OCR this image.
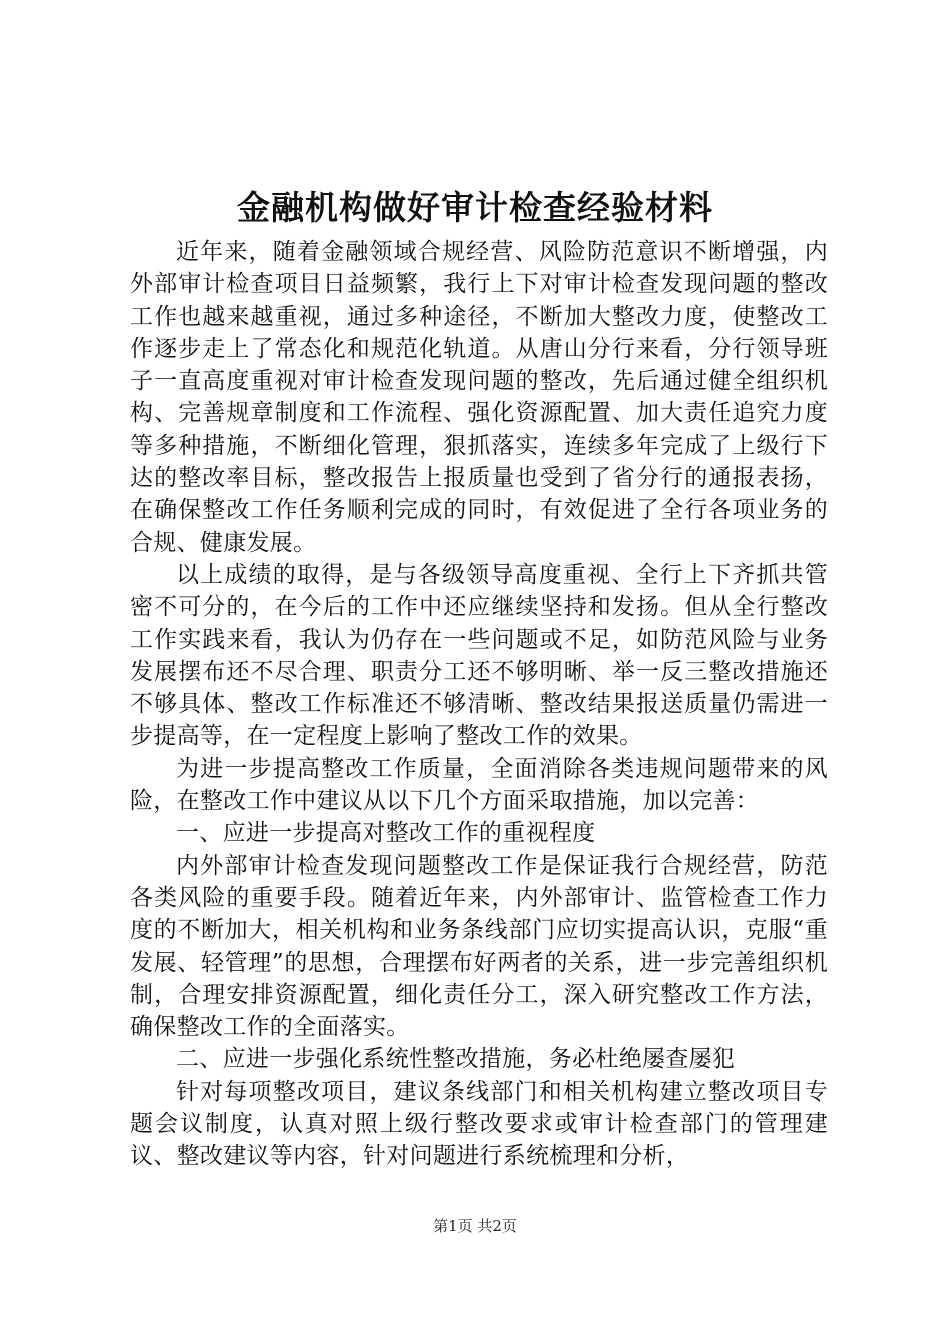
金融机构做好审计检查经验材料

近年来，随着金融领域合规经营、风险防范意识不断增强，内外部审计检查项目日益频繁，我行上下对审计检查发现问题的整改工作也越来越重视，通过多种途径，不断加大整改力度，使整改工作逐步走上了常态化和规范化轨道。从唐山分行来看，分行领导班子一直高度重视对审计检查发现问题的整改，先后通过健全组织机构、完善规章制度和工作流程、强化资源配置、加大责任追究力度等多种措施，不断细化管理，狠抓落实，连续多年完成了上级行下达的整改率目标，整改报告上报质量也受到了省分行的通报表扬，在确保整改工作任务顺利完成的同时，有效促进了全行各项业务的合规、健康发展。

以上成绩的取得，是与各级领导高度重视、全行上下齐抓共管密不可分的，在今后的工作中还应继续坚持和发扬。但从全行整改工作实践来看，我认为仍存在一些问题或不足，如防范风险与业务发展摆布还不尽合理、职责分工还不够明晰、举一反三整改措施还不够具体、整改工作标准还不够清晰、整改结果报送质量仍需进一步提高等，在一定程度上影响了整改工作的效果。

为进一步提高整改工作质量，全面消除各类违规问题带来的风险，在整改工作中建议从以下几个方面采取措施，加以完善：

一、应进一步提高对整改工作的重视程度

内外部审计检查发现问题整改工作是保证我行合规经营，防范各类风险的重要手段。随着近年来，内外部审计、监管检查工作力度的不断加大，相关机构和业务条线部门应切实提高认识，克服“重发展、轻管理”的思想，合理摆布好两者的关系，进一步完善组织机制，合理安排资源配置，细化责任分工，深入研究整改工作方法，确保整改工作的全面落实。

二、应进一步强化系统性整改措施，务必杜绝屡查屡犯

针对每项整改项目，建议条线部门和相关机构建立整改项目专题会议制度，认真对照上级行整改要求或审计检查部门的管理建议、整改建议等内容，针对问题进行系统梳理和分析，

第1页 共2页
